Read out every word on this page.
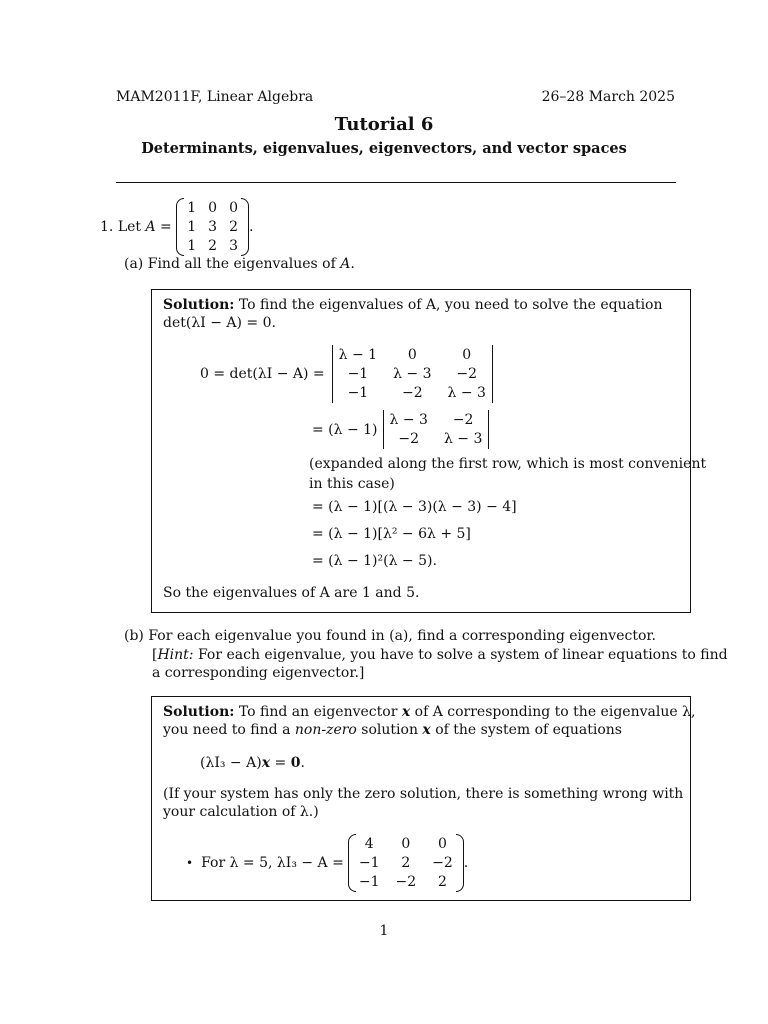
MAM2011F, Linear Algebra	26–28 March 2025
Tutorial 6
Determinants, eigenvalues, eigenvectors, and vector spaces
1. Let A =
1 0 0
1 3 2
1 2 3
.
(a) Find all the eigenvalues of A.
Solution: To find the eigenvalues of A, you need to solve the equation
det(λI − A) = 0.
0 = det(λI − A) =
λ − 1	0	0
−1	λ − 3	−2
−1	−2	λ − 3
= (λ − 1)
λ − 3	−2
−2	λ − 3
(expanded along the first row, which is most convenient
in this case)
= (λ − 1)[(λ − 3)(λ − 3) − 4]
= (λ − 1)[λ² − 6λ + 5]
= (λ − 1)²(λ − 5).
So the eigenvalues of A are 1 and 5.
(b) For each eigenvalue you found in (a), find a corresponding eigenvector.
[Hint: For each eigenvalue, you have to solve a system of linear equations to find
a corresponding eigenvector.]
Solution: To find an eigenvector x of A corresponding to the eigenvalue λ,
you need to find a non-zero solution x of the system of equations
(λI₃ − A)x = 0.
(If your system has only the zero solution, there is something wrong with
your calculation of λ.)
• For λ = 5, λI₃ − A =
4	0	0
−1	2	−2
−1 −2	2
.
1
